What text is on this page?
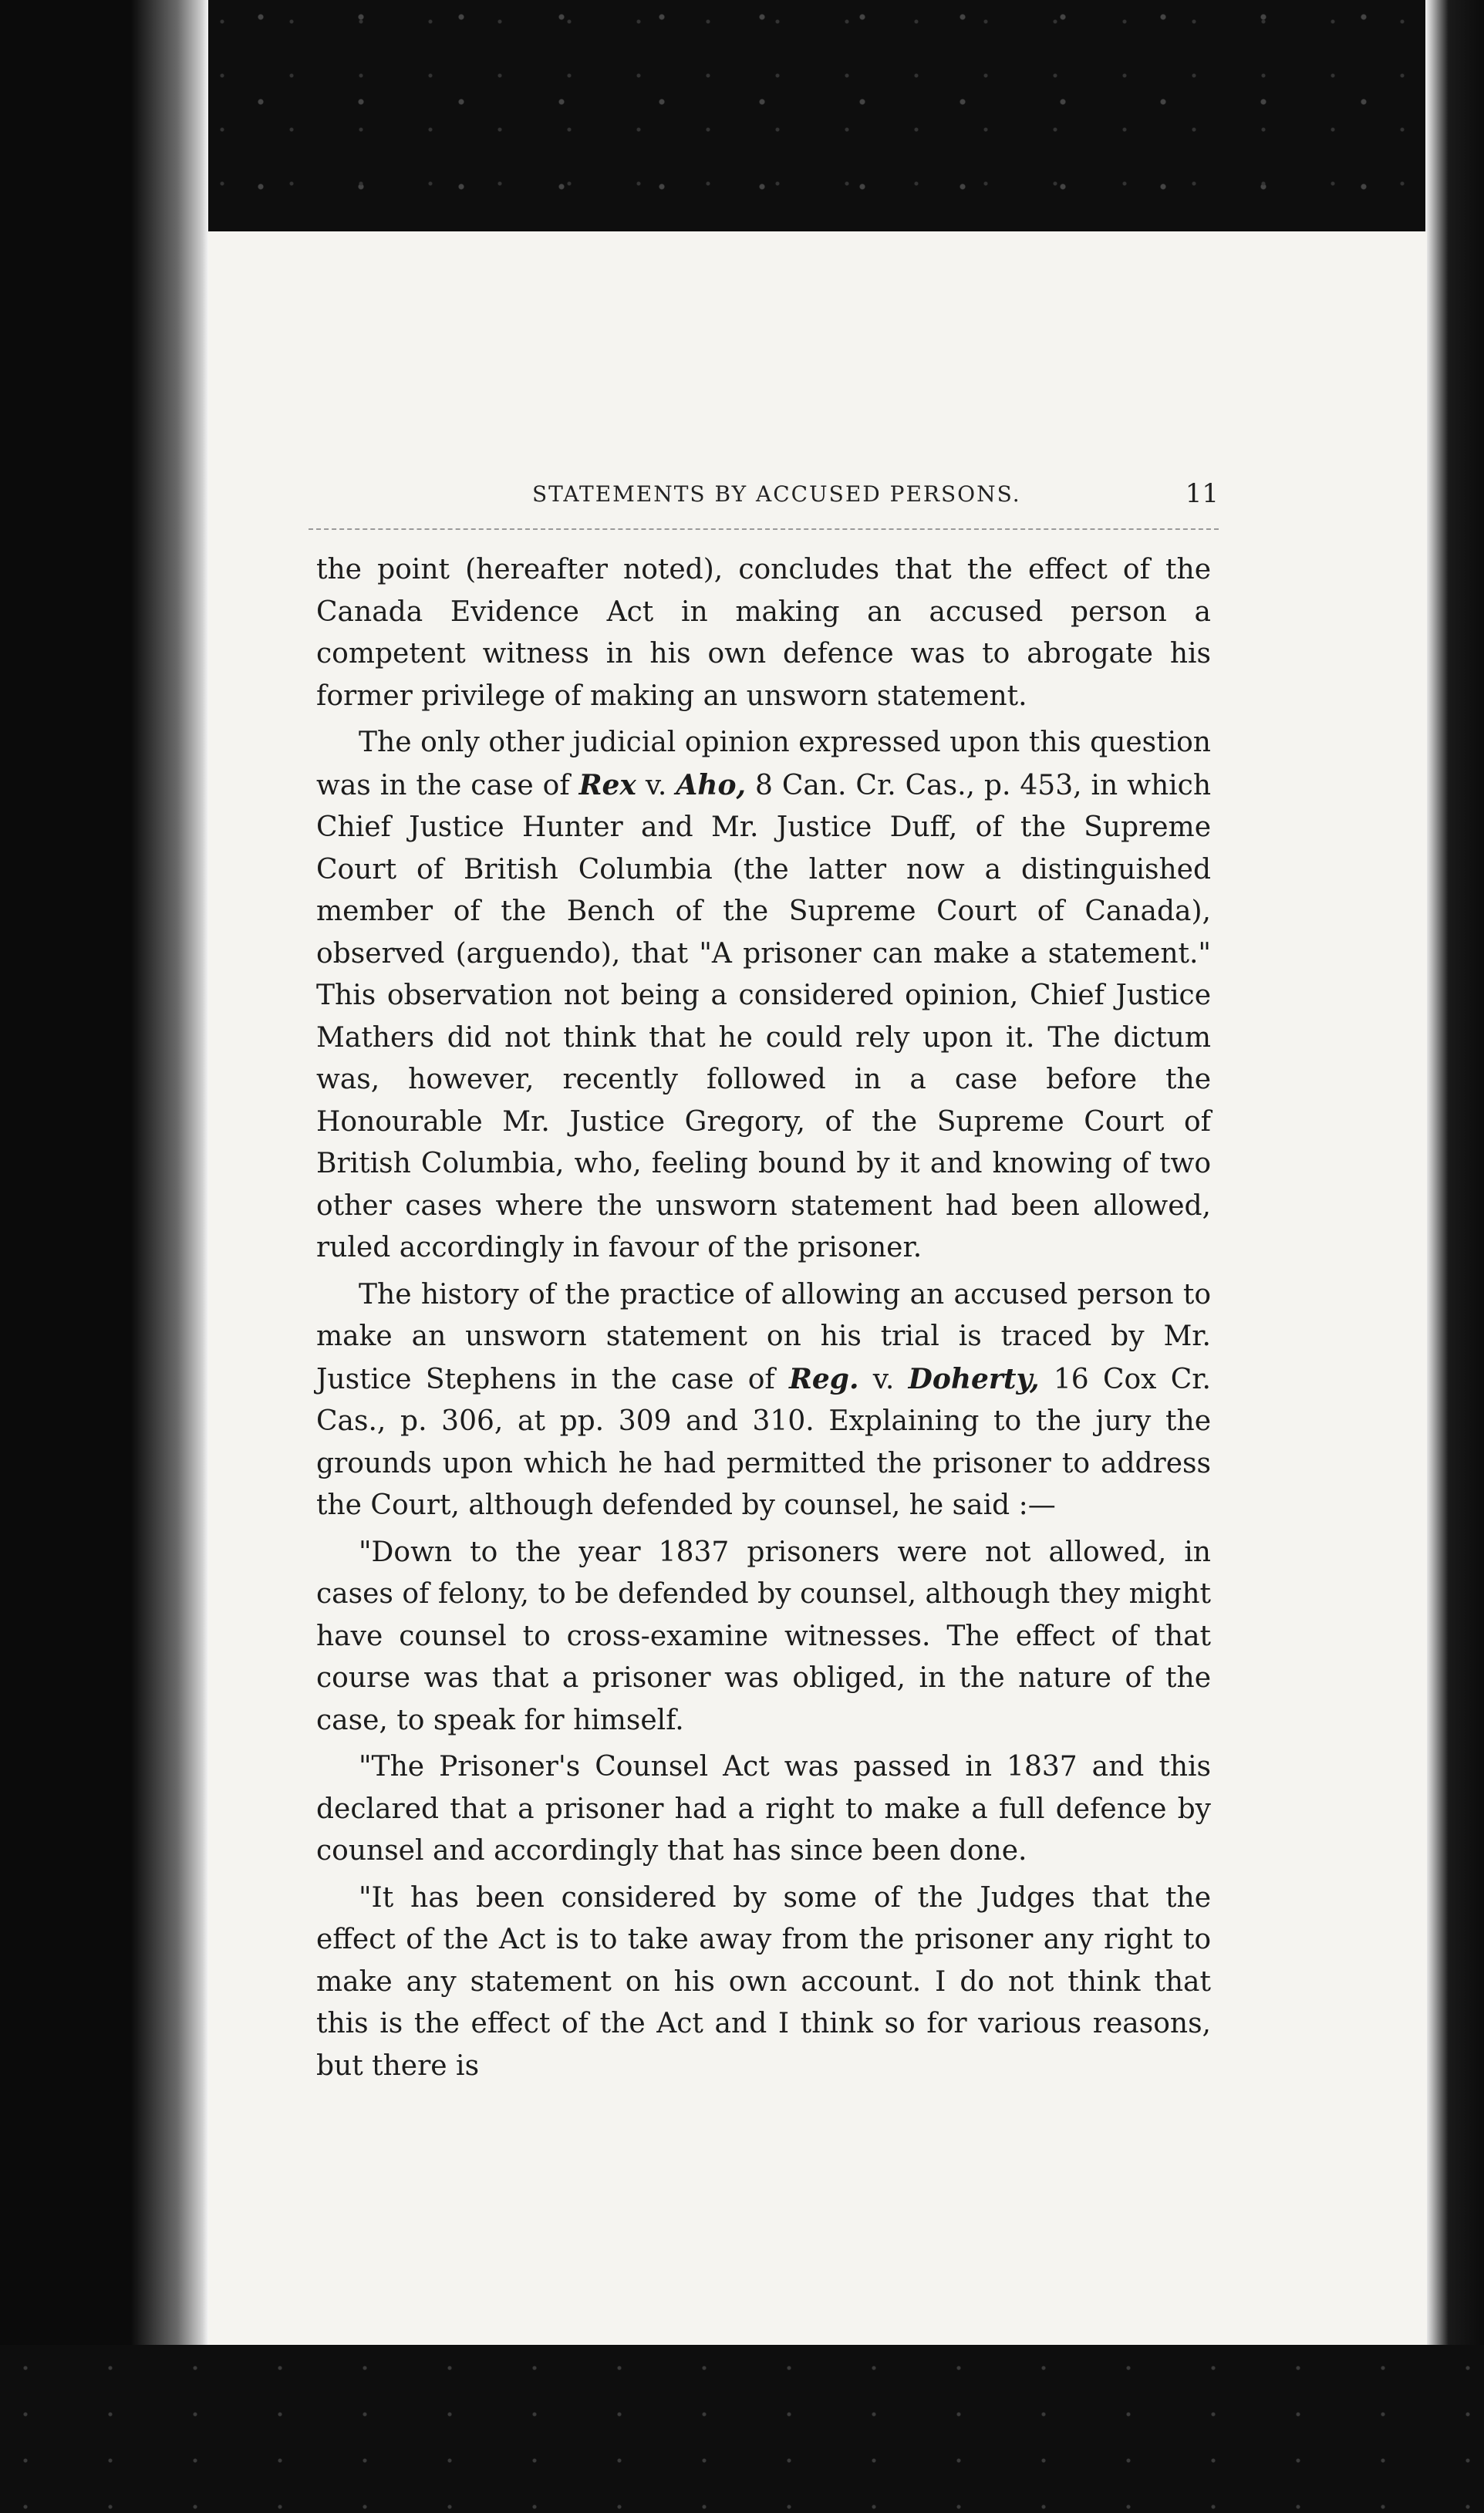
STATEMENTS BY ACCUSED PERSONS.	11

the point (hereafter noted), concludes that the effect of the Canada Evidence Act in making an accused person a competent witness in his own defence was to abrogate his former privilege of making an unsworn statement.

The only other judicial opinion expressed upon this question was in the case of Rex v. Aho, 8 Can. Cr. Cas., p. 453, in which Chief Justice Hunter and Mr. Justice Duff, of the Supreme Court of British Columbia (the latter now a distinguished member of the Bench of the Supreme Court of Canada), observed (arguendo), that "A prisoner can make a statement." This observation not being a considered opinion, Chief Justice Mathers did not think that he could rely upon it. The dictum was, however, recently followed in a case before the Honourable Mr. Justice Gregory, of the Supreme Court of British Columbia, who, feeling bound by it and knowing of two other cases where the unsworn statement had been allowed, ruled accordingly in favour of the prisoner.

The history of the practice of allowing an accused person to make an unsworn statement on his trial is traced by Mr. Justice Stephens in the case of Reg. v. Doherty, 16 Cox Cr. Cas., p. 306, at pp. 309 and 310. Explaining to the jury the grounds upon which he had permitted the prisoner to address the Court, although defended by counsel, he said :—

"Down to the year 1837 prisoners were not allowed, in cases of felony, to be defended by counsel, although they might have counsel to cross-examine witnesses. The effect of that course was that a prisoner was obliged, in the nature of the case, to speak for himself.

"The Prisoner's Counsel Act was passed in 1837 and this declared that a prisoner had a right to make a full defence by counsel and accordingly that has since been done.

"It has been considered by some of the Judges that the effect of the Act is to take away from the prisoner any right to make any statement on his own account. I do not think that this is the effect of the Act and I think so for various reasons, but there is
